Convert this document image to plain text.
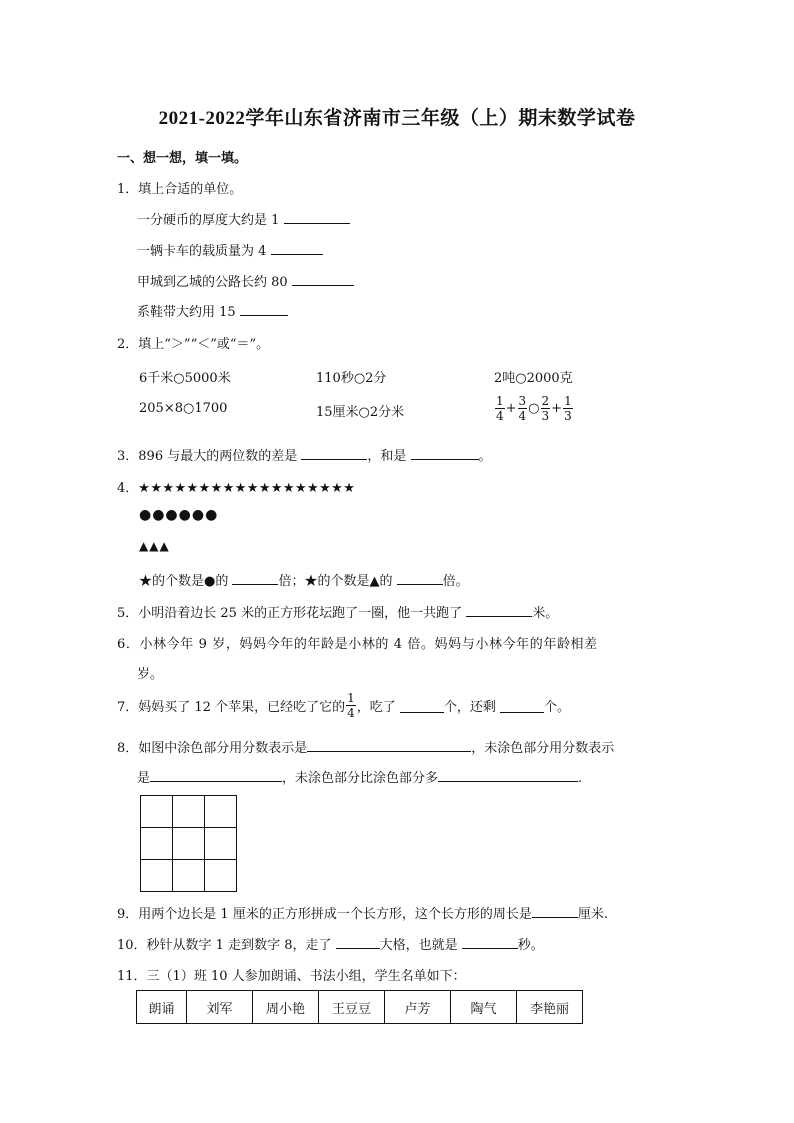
2021-2022学年山东省济南市三年级（上）期末数学试卷
一、想一想，填一填。
1．填上合适的单位。
一分硬币的厚度大约是 1
一辆卡车的载质量为 4
甲城到乙城的公路长约 80
系鞋带大约用 15
2．填上“＞”“＜”或“＝”。
6千米○5000米	110秒○2分	2吨○2000克
205×8○1700	15厘米○2分米	$\frac{1}{4} + \frac{3}{4}$ ○ $\frac{2}{3} + \frac{1}{3}$
3．896 与最大的两位数的差是	，和是	。
4．★★★★★★★★★★★★★★★★★★
●●●●●●
▲▲▲
★的个数是●的	倍；★的个数是▲的	倍。
5．小明沿着边长 25 米的正方形花坛跑了一圈，他一共跑了	米。
6．小林今年 9 岁，妈妈今年的年龄是小林的 4 倍。妈妈与小林今年的年龄相差
岁。
7． 妈妈买了 12 个苹果，已经吃了它的 $\frac{1}{4}$ ，吃了
	个，还剩
	个。
8．如图中涂色部分用分数表示是	，未涂色部分用分数表示
是	，未涂色部分比涂色部分多	.

9．用两个边长是 1 厘米的正方形拼成一个长方形，这个长方形的周长是	厘米.
10．秒针从数字 1 走到数字 8，走了	大格，也就是	秒。
11．三（1）班 10 人参加朗诵、书法小组，学生名单如下：
朗诵	刘军	周小艳	王豆豆	卢芳	陶气	李艳丽
